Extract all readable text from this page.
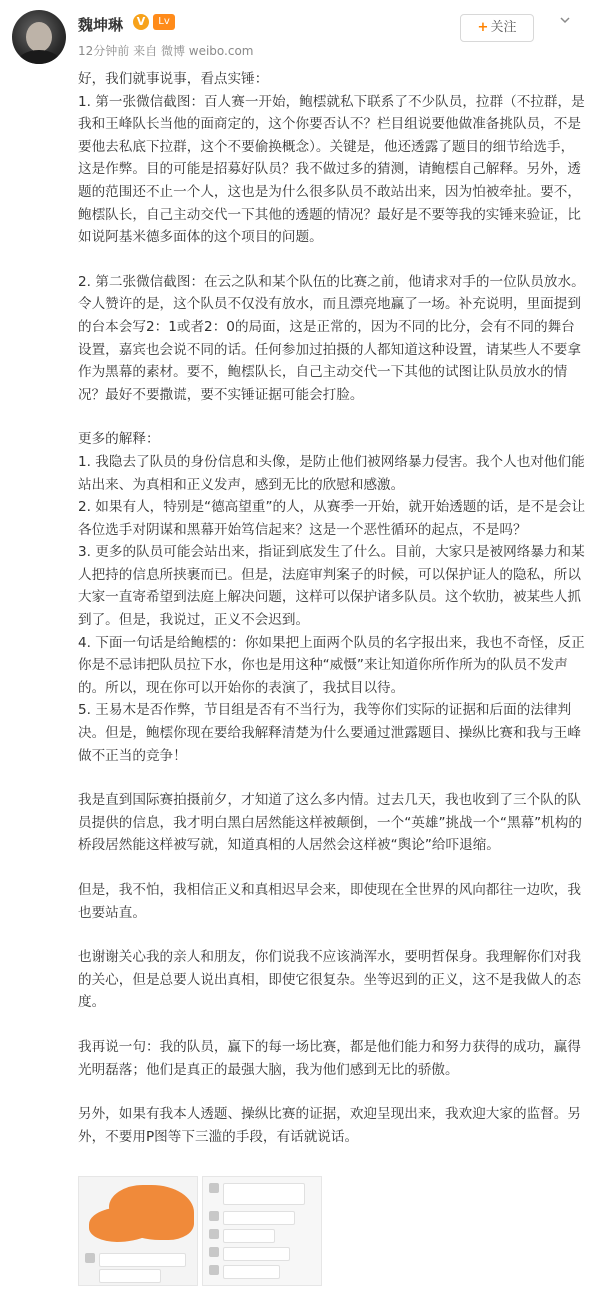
魏坤琳	V	Lv
12分钟前 来自 微博 weibo.com
+ 关注

好，我们就事说事，看点实锤：

1. 第一张微信截图：百人赛一开始，鲍橒就私下联系了不少队员，拉群（不拉群，是我和王峰队长当他的面商定的，这个你要否认不？栏目组说要他做准备挑队员，不是要他去私底下拉群，这个不要偷换概念）。关键是，他还透露了题目的细节给选手，这是作弊。目的可能是招募好队员？我不做过多的猜测，请鲍橒自己解释。另外，透题的范围还不止一个人，这也是为什么很多队员不敢站出来，因为怕被牵扯。要不，鲍橒队长，自己主动交代一下其他的透题的情况？最好是不要等我的实锤来验证，比如说阿基米德多面体的这个项目的问题。

2. 第二张微信截图：在云之队和某个队伍的比赛之前，他请求对手的一位队员放水。令人赞许的是，这个队员不仅没有放水，而且漂亮地赢了一场。补充说明，里面提到的台本会写2：1或者2：0的局面，这是正常的，因为不同的比分，会有不同的舞台设置，嘉宾也会说不同的话。任何参加过拍摄的人都知道这种设置，请某些人不要拿作为黑幕的素材。要不，鲍橒队长，自己主动交代一下其他的试图让队员放水的情况？最好不要撒谎，要不实锤证据可能会打脸。

更多的解释：

1. 我隐去了队员的身份信息和头像，是防止他们被网络暴力侵害。我个人也对他们能站出来、为真相和正义发声，感到无比的欣慰和感激。

2. 如果有人，特别是“德高望重”的人，从赛季一开始，就开始透题的话，是不是会让各位选手对阴谋和黑幕开始笃信起来？这是一个恶性循环的起点，不是吗？

3. 更多的队员可能会站出来，指证到底发生了什么。目前，大家只是被网络暴力和某人把持的信息所挟裹而已。但是，法庭审判案子的时候，可以保护证人的隐私，所以大家一直寄希望到法庭上解决问题，这样可以保护诸多队员。这个软肋，被某些人抓到了。但是，我说过，正义不会迟到。

4. 下面一句话是给鲍橒的：你如果把上面两个队员的名字报出来，我也不奇怪，反正你是不忌讳把队员拉下水，你也是用这种“威慑”来让知道你所作所为的队员不发声的。所以，现在你可以开始你的表演了，我拭目以待。

5. 王易木是否作弊，节目组是否有不当行为，我等你们实际的证据和后面的法律判决。但是，鲍橒你现在要给我解释清楚为什么要通过泄露题目、操纵比赛和我与王峰做不正当的竞争！

我是直到国际赛拍摄前夕，才知道了这么多内情。过去几天，我也收到了三个队的队员提供的信息，我才明白黑白居然能这样被颠倒，一个“英雄”挑战一个“黑幕”机构的桥段居然能这样被写就，知道真相的人居然会这样被“舆论”给吓退缩。

但是，我不怕，我相信正义和真相迟早会来，即使现在全世界的风向都往一边吹，我也要站直。

也谢谢关心我的亲人和朋友，你们说我不应该淌浑水，要明哲保身。我理解你们对我的关心，但是总要人说出真相，即使它很复杂。坐等迟到的正义，这不是我做人的态度。

我再说一句：我的队员，赢下的每一场比赛，都是他们能力和努力获得的成功，赢得光明磊落；他们是真正的最强大脑，我为他们感到无比的骄傲。

另外，如果有我本人透题、操纵比赛的证据，欢迎呈现出来，我欢迎大家的监督。另外，不要用P图等下三滥的手段，有话就说话。
